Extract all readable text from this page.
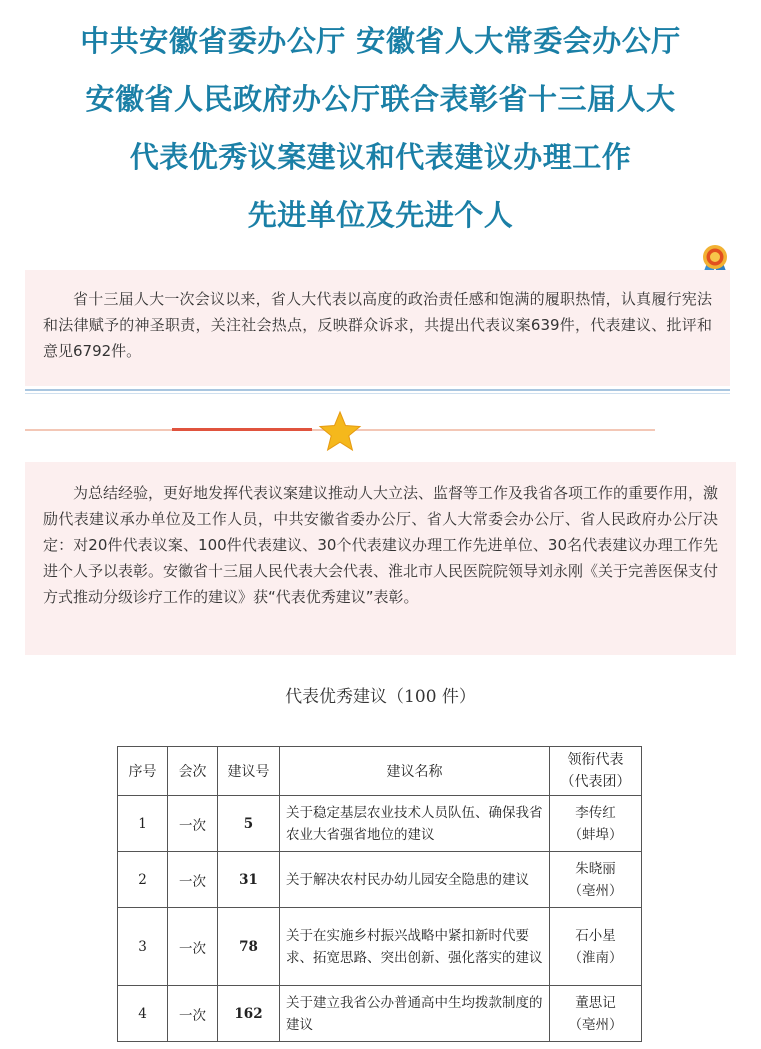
中共安徽省委办公厅 安徽省人大常委会办公厅
安徽省人民政府办公厅联合表彰省十三届人大
代表优秀议案建议和代表建议办理工作
先进单位及先进个人

省十三届人大一次会议以来，省人大代表以高度的政治责任感和饱满的履职热情，认真履行宪法和法律赋予的神圣职责，关注社会热点，反映群众诉求，共提出代表议案639件，代表建议、批评和意见6792件。

为总结经验，更好地发挥代表议案建议推动人大立法、监督等工作及我省各项工作的重要作用，激励代表建议承办单位及工作人员，中共安徽省委办公厅、省人大常委会办公厅、省人民政府办公厅决定：对20件代表议案、100件代表建议、30个代表建议办理工作先进单位、30名代表建议办理工作先进个人予以表彰。安徽省十三届人民代表大会代表、淮北市人民医院院领导刘永刚《关于完善医保支付方式推动分级诊疗工作的建议》获“代表优秀建议”表彰。

代表优秀建议（100 件）
序号	会次	建议号	建议名称	领衔代表
（代表团）

1	一次	5	关于稳定基层农业技术人员队伍、确保我省农业大省强省地位的建议	李传红
（蚌埠）

2	一次	31	关于解决农村民办幼儿园安全隐患的建议	朱晓丽
（亳州）

3	一次	78	关于在实施乡村振兴战略中紧扣新时代要求、拓宽思路、突出创新、强化落实的建议	石小星
（淮南）

4	一次	162	关于建立我省公办普通高中生均拨款制度的建议	董思记
（亳州）
